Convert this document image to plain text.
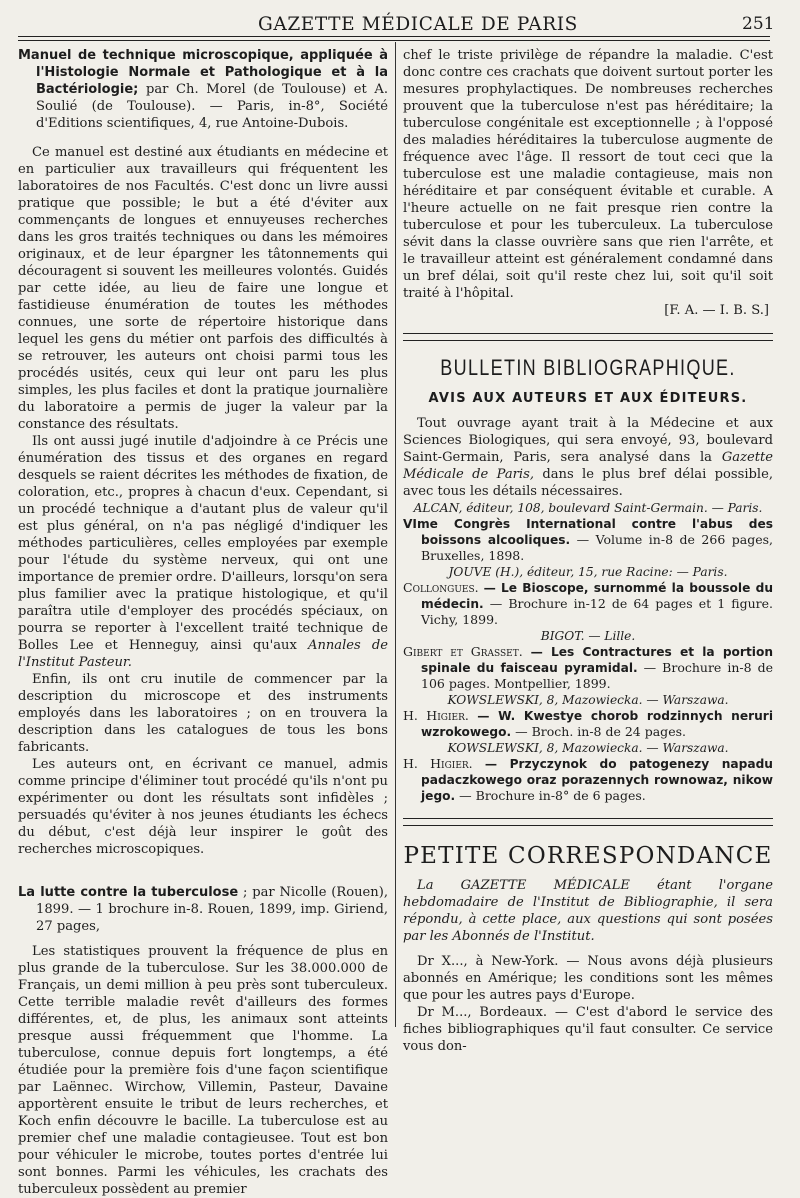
GAZETTE MÉDICALE DE PARIS	251

Manuel de technique microscopique, appliquée à l'Histologie Normale et Pathologique et à la Bactériologie; par Ch. Morel (de Toulouse) et A. Soulié (de Toulouse). — Paris, in-8°, Société d'Editions scientifiques, 4, rue Antoine-Dubois.

Ce manuel est destiné aux étudiants en médecine et en particulier aux travailleurs qui fréquentent les laboratoires de nos Facultés. C'est donc un livre aussi pratique que possible; le but a été d'éviter aux commençants de longues et ennuyeuses recherches dans les gros traités techniques ou dans les mémoires originaux, et de leur épargner les tâtonnements qui découragent si souvent les meilleures volontés. Guidés par cette idée, au lieu de faire une longue et fastidieuse énumération de toutes les méthodes connues, une sorte de répertoire historique dans lequel les gens du métier ont parfois des difficultés à se retrouver, les auteurs ont choisi parmi tous les procédés usités, ceux qui leur ont paru les plus simples, les plus faciles et dont la pratique journalière du laboratoire a permis de juger la valeur par la constance des résultats.

Ils ont aussi jugé inutile d'adjoindre à ce Précis une énumération des tissus et des organes en regard desquels se raient décrites les méthodes de fixation, de coloration, etc., propres à chacun d'eux. Cependant, si un procédé technique a d'autant plus de valeur qu'il est plus général, on n'a pas négligé d'indiquer les méthodes particulières, celles employées par exemple pour l'étude du système nerveux, qui ont une importance de premier ordre. D'ailleurs, lorsqu'on sera plus familier avec la pratique histologique, et qu'il paraîtra utile d'employer des procédés spéciaux, on pourra se reporter à l'excellent traité technique de Bolles Lee et Henneguy, ainsi qu'aux Annales de l'Institut Pasteur.

Enfin, ils ont cru inutile de commencer par la description du microscope et des instruments employés dans les laboratoires ; on en trouvera la description dans les catalogues de tous les bons fabricants.

Les auteurs ont, en écrivant ce manuel, admis comme principe d'éliminer tout procédé qu'ils n'ont pu expérimenter ou dont les résultats sont infidèles ; persuadés qu'éviter à nos jeunes étudiants les échecs du début, c'est déjà leur inspirer le goût des recherches microscopiques.

La lutte contre la tuberculose ; par Nicolle (Rouen), 1899. — 1 brochure in-8. Rouen, 1899, imp. Giriend, 27 pages,

Les statistiques prouvent la fréquence de plus en plus grande de la tuberculose. Sur les 38.000.000 de Français, un demi million à peu près sont tuberculeux. Cette terrible maladie revêt d'ailleurs des formes différentes, et, de plus, les animaux sont atteints presque aussi fréquemment que l'homme. La tuberculose, connue depuis fort longtemps, a été étudiée pour la première fois d'une façon scientifique par Laënnec. Wirchow, Villemin, Pasteur, Davaine apportèrent ensuite le tribut de leurs recherches, et Koch enfin découvre le bacille. La tuberculose est au premier chef une maladie contagieusee. Tout est bon pour véhiculer le microbe, toutes portes d'entrée lui sont bonnes. Parmi les véhicules, les crachats des tuberculeux possèdent au premier

chef le triste privilège de répandre la maladie. C'est donc contre ces crachats que doivent surtout porter les mesures prophylactiques. De nombreuses recherches prouvent que la tuberculose n'est pas héréditaire; la tuberculose congénitale est exceptionnelle ; à l'opposé des maladies héréditaires la tuberculose augmente de fréquence avec l'âge. Il ressort de tout ceci que la tuberculose est une maladie contagieuse, mais non héréditaire et par conséquent évitable et curable. A l'heure actuelle on ne fait presque rien contre la tuberculose et pour les tuberculeux. La tuberculose sévit dans la classe ouvrière sans que rien l'arrête, et le travailleur atteint est généralement condamné dans un bref délai, soit qu'il reste chez lui, soit qu'il soit traité à l'hôpital.

[F. A. — I. B. S.]

BULLETIN BIBLIOGRAPHIQUE.

AVIS AUX AUTEURS ET AUX ÉDITEURS.

Tout ouvrage ayant trait à la Médecine et aux Sciences Biologiques, qui sera envoyé, 93, boulevard Saint-Germain, Paris, sera analysé dans la Gazette Médicale de Paris, dans le plus bref délai possible, avec tous les détails nécessaires.

ALCAN, éditeur, 108, boulevard Saint-Germain. — Paris.

VIme Congrès International contre l'abus des boissons alcooliques. — Volume in-8 de 266 pages, Bruxelles, 1898.

JOUVE (H.), éditeur, 15, rue Racine: — Paris.

Collongues. — Le Bioscope, surnommé la boussole du médecin. — Brochure in-12 de 64 pages et 1 figure. Vichy, 1899.

BIGOT. — Lille.

Gibert et Grasset. — Les Contractures et la portion spinale du faisceau pyramidal. — Brochure in-8 de 106 pages. Montpellier, 1899.

KOWSLEWSKI, 8, Mazowiecka. — Warszawa.

H. Higier. — W. Kwestye chorob rodzinnych neruri wzrokowego. — Broch. in-8 de 24 pages.

KOWSLEWSKI, 8, Mazowiecka. — Warszawa.

H. Higier. — Przyczynok do patogenezy napadu padaczkowego oraz porazennych rownowaz, nikow jego. — Brochure in-8° de 6 pages.

PETITE CORRESPONDANCE

La GAZETTE MÉDICALE étant l'organe hebdomadaire de l'Institut de Bibliographie, il sera répondu, à cette place, aux questions qui sont posées par les Abonnés de l'Institut.

Dr X..., à New-York. — Nous avons déjà plusieurs abonnés en Amérique; les conditions sont les mêmes que pour les autres pays d'Europe.

Dr M..., Bordeaux. — C'est d'abord le service des fiches bibliographiques qu'il faut consulter. Ce service vous don-
